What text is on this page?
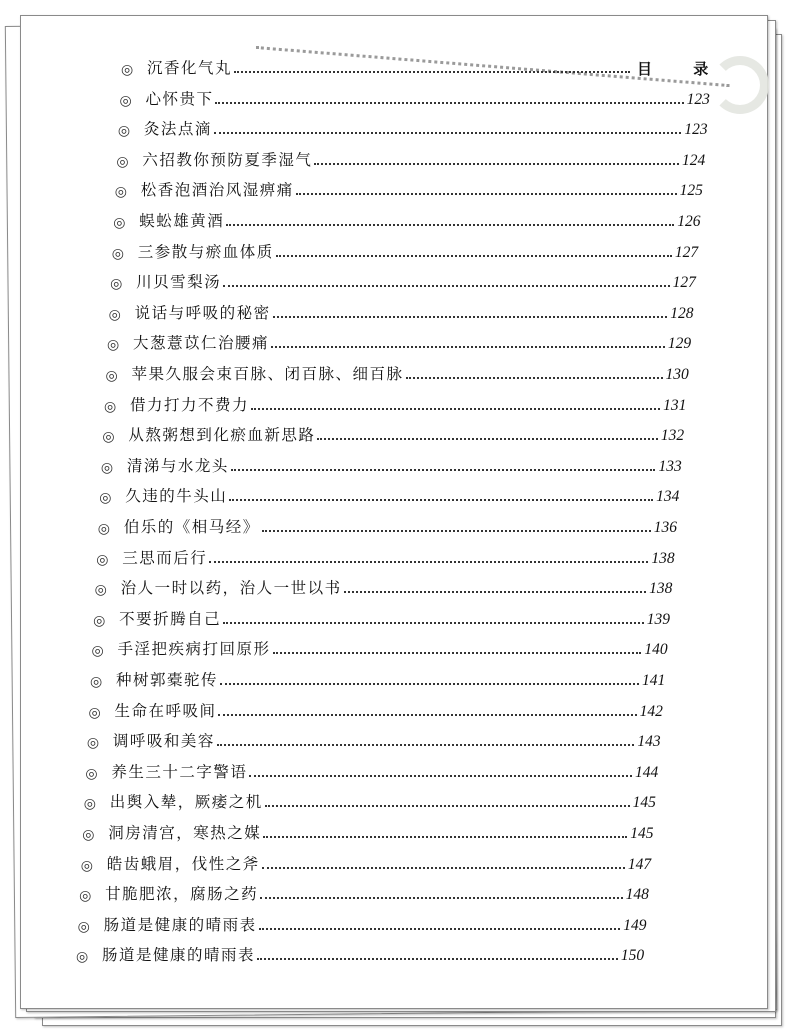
目 录
◎ 沉香化气丸
◎ 心怀贵下	123
◎ 灸法点滴	123
◎ 六招教你预防夏季湿气	124
◎ 松香泡酒治风湿痹痛	125
◎ 蜈蚣雄黄酒	126
◎ 三参散与瘀血体质	127
◎ 川贝雪梨汤	127
◎ 说话与呼吸的秘密	128
◎ 大葱薏苡仁治腰痛	129
◎ 苹果久服会束百脉、闭百脉、细百脉	130
◎ 借力打力不费力	131
◎ 从熬粥想到化瘀血新思路	132
◎ 清涕与水龙头	133
◎ 久违的牛头山	134
◎ 伯乐的《相马经》	136
◎ 三思而后行	138
◎ 治人一时以药，治人一世以书	138
◎ 不要折腾自己	139
◎ 手淫把疾病打回原形	140
◎ 种树郭橐驼传	141
◎ 生命在呼吸间	142
◎ 调呼吸和美容	143
◎ 养生三十二字警语	144
◎ 出舆入辇，厥痿之机	145
◎ 洞房清宫，寒热之媒	145
◎ 皓齿蛾眉，伐性之斧	147
◎ 甘脆肥浓，腐肠之药	148
◎ 肠道是健康的晴雨表	149
◎ 肠道是健康的晴雨表	150
